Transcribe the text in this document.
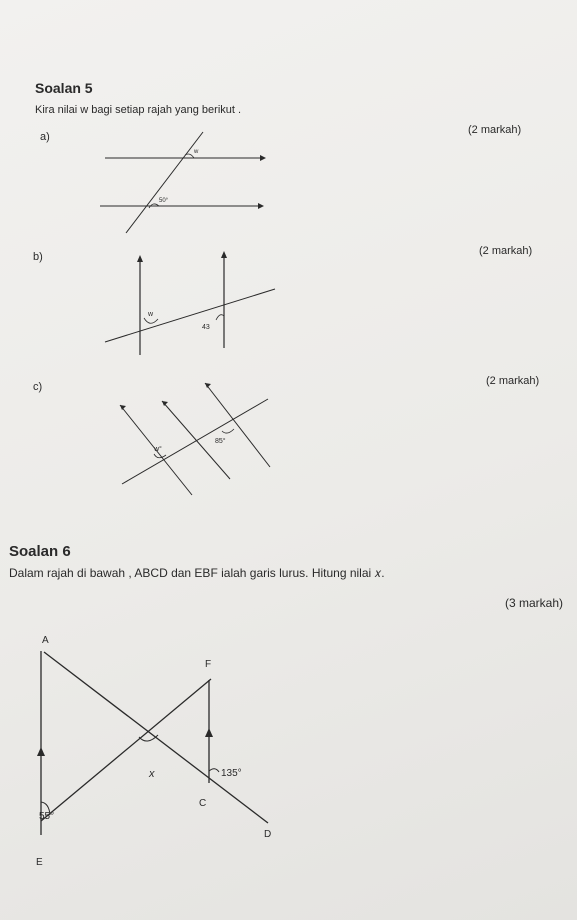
Soalan 5
Kira nilai w bagi setiap rajah yang berikut .
a)
(2 markah)
w
50°
b)	(2 markah)
w
43
c)	(2 markah)
w°
85°
Soalan 6
Dalam rajah di bawah , ABCD dan EBF ialah garis lurus. Hitung nilai 𝑥.
(3 markah)
A
F
x	135°
C
55°
D
E
